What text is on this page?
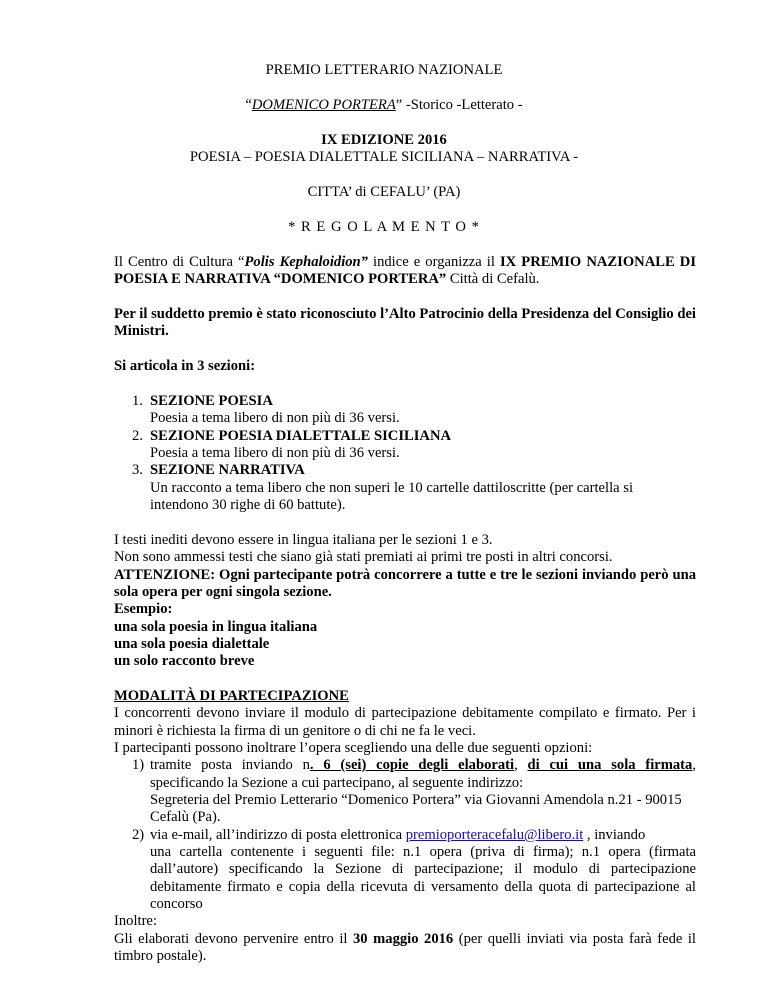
PREMIO LETTERARIO NAZIONALE
“DOMENICO PORTERA” -Storico -Letterato -
IX EDIZIONE 2016
POESIA – POESIA DIALETTALE SICILIANA – NARRATIVA -
CITTA’ di CEFALU’ (PA)
* R E G O L A M E N T O *
Il Centro di Cultura “Polis Kephaloidion” indice e organizza il IX PREMIO NAZIONALE DI
POESIA E NARRATIVA “DOMENICO PORTERA” Città di Cefalù.
Per il suddetto premio è stato riconosciuto l’Alto Patrocinio della Presidenza del Consiglio dei
Ministri.
Si articola in 3 sezioni:
1. SEZIONE POESIA
Poesia a tema libero di non più di 36 versi.
2. SEZIONE POESIA DIALETTALE SICILIANA
Poesia a tema libero di non più di 36 versi.
3. SEZIONE NARRATIVA
Un racconto a tema libero che non superi le 10 cartelle dattiloscritte (per cartella si
intendono 30 righe di 60 battute).
I testi inediti devono essere in lingua italiana per le sezioni 1 e 3.
Non sono ammessi testi che siano già stati premiati ai primi tre posti in altri concorsi.
ATTENZIONE: Ogni partecipante potrà concorrere a tutte e tre le sezioni inviando però una
sola opera per ogni singola sezione.
Esempio:
una sola poesia in lingua italiana
una sola poesia dialettale
un solo racconto breve
MODALITÀ DI PARTECIPAZIONE
I concorrenti devono inviare il modulo di partecipazione debitamente compilato e firmato. Per i
minori è richiesta la firma di un genitore o di chi ne fa le veci.
I partecipanti possono inoltrare l’opera scegliendo una delle due seguenti opzioni:
1) tramite posta inviando n. 6 (sei) copie degli elaborati, di cui una sola firmata,
specificando la Sezione a cui partecipano, al seguente indirizzo:
Segreteria del Premio Letterario “Domenico Portera” via Giovanni Amendola n.21 - 90015
Cefalù (Pa).
2) via e-mail, all’indirizzo di posta elettronica premioporteracefalu@libero.it , inviando
una cartella contenente i seguenti file: n.1 opera (priva di firma); n.1 opera (firmata
dall’autore) specificando la Sezione di partecipazione; il modulo di partecipazione
debitamente firmato e copia della ricevuta di versamento della quota di partecipazione al
concorso
Inoltre:
Gli elaborati devono pervenire entro il 30 maggio 2016 (per quelli inviati via posta farà fede il
timbro postale).
